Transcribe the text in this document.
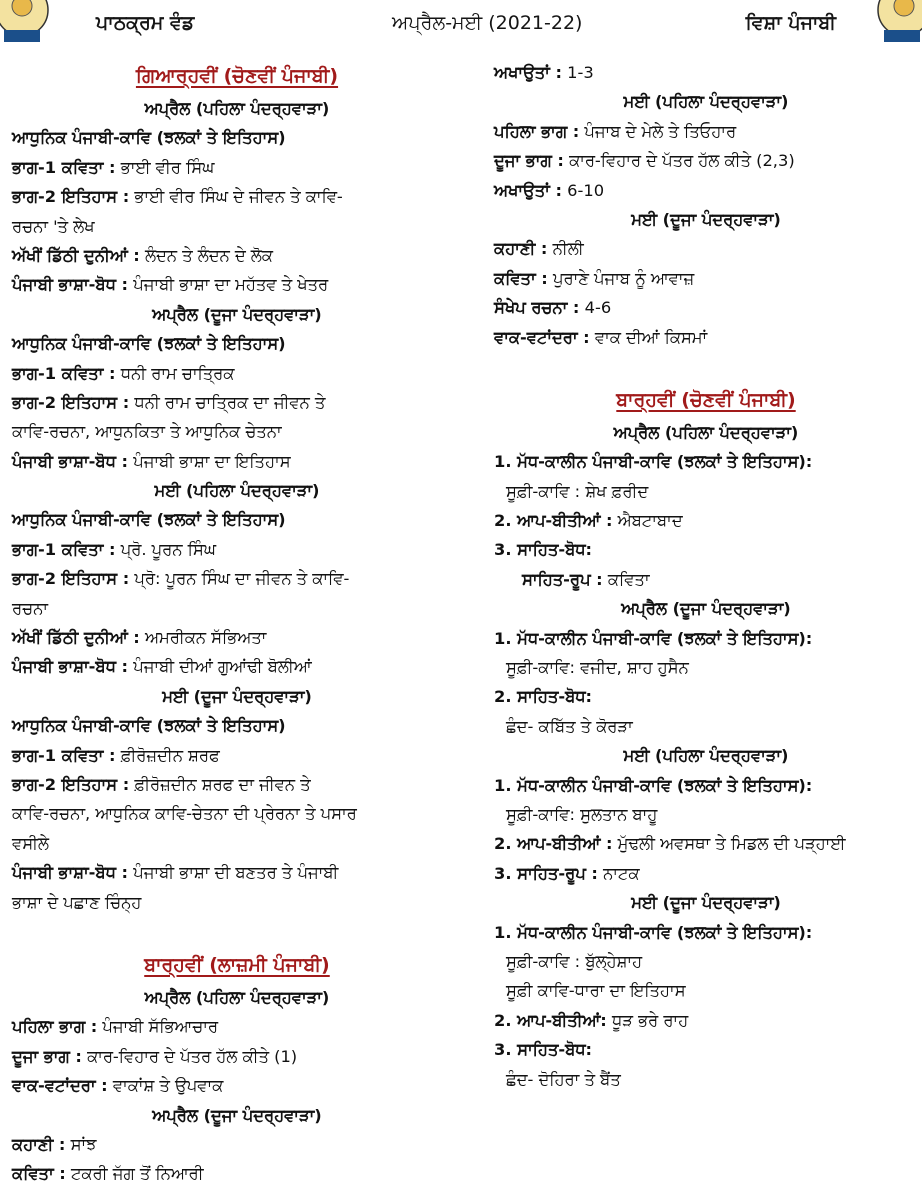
ਪਾਠਕ੍ਰਮ ਵੰਡ	ਅਪ੍ਰੈਲ-ਮਈ (2021-22)	ਵਿਸ਼ਾ ਪੰਜਾਬੀ
ਗਿਆਰ੍ਹਵੀਂ (ਚੋਣਵੀਂ ਪੰਜਾਬੀ)
ਅਪ੍ਰੈਲ (ਪਹਿਲਾ ਪੰਦਰ੍ਹਵਾੜਾ)
ਆਧੁਨਿਕ ਪੰਜਾਬੀ-ਕਾਵਿ (ਝਲਕਾਂ ਤੇ ਇਤਿਹਾਸ)
ਭਾਗ-1 ਕਵਿਤਾ : ਭਾਈ ਵੀਰ ਸਿੰਘ
ਭਾਗ-2 ਇਤਿਹਾਸ : ਭਾਈ ਵੀਰ ਸਿੰਘ ਦੇ ਜੀਵਨ ਤੇ ਕਾਵਿ-
ਰਚਨਾ 'ਤੇ ਲੇਖ
ਅੱਖੀਂ ਡਿੱਠੀ ਦੁਨੀਆਂ : ਲੰਦਨ ਤੇ ਲੰਦਨ ਦੇ ਲੋਕ
ਪੰਜਾਬੀ ਭਾਸ਼ਾ-ਬੋਧ : ਪੰਜਾਬੀ ਭਾਸ਼ਾ ਦਾ ਮਹੱਤਵ ਤੇ ਖੇਤਰ
ਅਪ੍ਰੈਲ (ਦੂਜਾ ਪੰਦਰ੍ਹਵਾੜਾ)
ਆਧੁਨਿਕ ਪੰਜਾਬੀ-ਕਾਵਿ (ਝਲਕਾਂ ਤੇ ਇਤਿਹਾਸ)
ਭਾਗ-1 ਕਵਿਤਾ : ਧਨੀ ਰਾਮ ਚਾਤ੍ਰਿਕ
ਭਾਗ-2 ਇਤਿਹਾਸ : ਧਨੀ ਰਾਮ ਚਾਤ੍ਰਿਕ ਦਾ ਜੀਵਨ ਤੇ
ਕਾਵਿ-ਰਚਨਾ, ਆਧੁਨਕਿਤਾ ਤੇ ਆਧੁਨਿਕ ਚੇਤਨਾ
ਪੰਜਾਬੀ ਭਾਸ਼ਾ-ਬੋਧ : ਪੰਜਾਬੀ ਭਾਸ਼ਾ ਦਾ ਇਤਿਹਾਸ
ਮਈ (ਪਹਿਲਾ ਪੰਦਰ੍ਹਵਾੜਾ)
ਆਧੁਨਿਕ ਪੰਜਾਬੀ-ਕਾਵਿ (ਝਲਕਾਂ ਤੇ ਇਤਿਹਾਸ)
ਭਾਗ-1 ਕਵਿਤਾ : ਪ੍ਰੋ. ਪੂਰਨ ਸਿੰਘ
ਭਾਗ-2 ਇਤਿਹਾਸ : ਪ੍ਰੋ: ਪੂਰਨ ਸਿੰਘ ਦਾ ਜੀਵਨ ਤੇ ਕਾਵਿ-
ਰਚਨਾ
ਅੱਖੀਂ ਡਿੱਠੀ ਦੁਨੀਆਂ : ਅਮਰੀਕਨ ਸੱਭਿਅਤਾ
ਪੰਜਾਬੀ ਭਾਸ਼ਾ-ਬੋਧ : ਪੰਜਾਬੀ ਦੀਆਂ ਗੁਆਂਢੀ ਬੋਲੀਆਂ
ਮਈ (ਦੂਜਾ ਪੰਦਰ੍ਹਵਾੜਾ)
ਆਧੁਨਿਕ ਪੰਜਾਬੀ-ਕਾਵਿ (ਝਲਕਾਂ ਤੇ ਇਤਿਹਾਸ)
ਭਾਗ-1 ਕਵਿਤਾ : ਫ਼ੀਰੋਜ਼ਦੀਨ ਸ਼ਰਫ
ਭਾਗ-2 ਇਤਿਹਾਸ : ਫ਼ੀਰੋਜ਼ਦੀਨ ਸ਼ਰਫ ਦਾ ਜੀਵਨ ਤੇ
ਕਾਵਿ-ਰਚਨਾ, ਆਧੁਨਿਕ ਕਾਵਿ-ਚੇਤਨਾ ਦੀ ਪ੍ਰੇਰਨਾ ਤੇ ਪਸਾਰ
ਵਸੀਲੇ
ਪੰਜਾਬੀ ਭਾਸ਼ਾ-ਬੋਧ : ਪੰਜਾਬੀ ਭਾਸ਼ਾ ਦੀ ਬਣਤਰ ਤੇ ਪੰਜਾਬੀ
ਭਾਸ਼ਾ ਦੇ ਪਛਾਣ ਚਿੰਨ੍ਹ
ਬਾਰ੍ਹਵੀਂ (ਲਾਜ਼ਮੀ ਪੰਜਾਬੀ)
ਅਪ੍ਰੈਲ (ਪਹਿਲਾ ਪੰਦਰ੍ਹਵਾੜਾ)
ਪਹਿਲਾ ਭਾਗ : ਪੰਜਾਬੀ ਸੱਭਿਆਚਾਰ
ਦੂਜਾ ਭਾਗ : ਕਾਰ-ਵਿਹਾਰ ਦੇ ਪੱਤਰ ਹੱਲ ਕੀਤੇ (1)
ਵਾਕ-ਵਟਾਂਦਰਾ : ਵਾਕਾਂਸ਼ ਤੇ ਉਪਵਾਕ
ਅਪ੍ਰੈਲ (ਦੂਜਾ ਪੰਦਰ੍ਹਵਾੜਾ)
ਕਹਾਣੀ : ਸਾਂਝ
ਕਵਿਤਾ : ਟਕਰੀ ਜੱਗ ਤੋਂ ਨਿਆਰੀ
ਅਖਾਉਤਾਂ : 1-3
ਮਈ (ਪਹਿਲਾ ਪੰਦਰ੍ਹਵਾੜਾ)
ਪਹਿਲਾ ਭਾਗ : ਪੰਜਾਬ ਦੇ ਮੇਲੇ ਤੇ ਤਿਓਹਾਰ
ਦੂਜਾ ਭਾਗ : ਕਾਰ-ਵਿਹਾਰ ਦੇ ਪੱਤਰ ਹੱਲ ਕੀਤੇ (2,3)
ਅਖਾਉਤਾਂ : 6-10
ਮਈ (ਦੂਜਾ ਪੰਦਰ੍ਹਵਾੜਾ)
ਕਹਾਣੀ : ਨੀਲੀ
ਕਵਿਤਾ : ਪੁਰਾਣੇ ਪੰਜਾਬ ਨੂੰ ਆਵਾਜ਼
ਸੰਖੇਪ ਰਚਨਾ : 4-6
ਵਾਕ-ਵਟਾਂਦਰਾ : ਵਾਕ ਦੀਆਂ ਕਿਸਮਾਂ
ਬਾਰ੍ਹਵੀਂ (ਚੋਣਵੀਂ ਪੰਜਾਬੀ)
ਅਪ੍ਰੈਲ (ਪਹਿਲਾ ਪੰਦਰ੍ਹਵਾੜਾ)
1. ਮੱਧ-ਕਾਲੀਨ ਪੰਜਾਬੀ-ਕਾਵਿ (ਝਲਕਾਂ ਤੇ ਇਤਿਹਾਸ):
ਸੂਫ਼ੀ-ਕਾਵਿ : ਸ਼ੇਖ ਫ਼ਰੀਦ
2. ਆਪ-ਬੀਤੀਆਂ : ਐਬਟਾਬਾਦ
3. ਸਾਹਿਤ-ਬੋਧ:
ਸਾਹਿਤ-ਰੂਪ : ਕਵਿਤਾ
ਅਪ੍ਰੈਲ (ਦੂਜਾ ਪੰਦਰ੍ਹਵਾੜਾ)
1. ਮੱਧ-ਕਾਲੀਨ ਪੰਜਾਬੀ-ਕਾਵਿ (ਝਲਕਾਂ ਤੇ ਇਤਿਹਾਸ):
ਸੂਫ਼ੀ-ਕਾਵਿ: ਵਜੀਦ, ਸ਼ਾਹ ਹੁਸੈਨ
2. ਸਾਹਿਤ-ਬੋਧ:
ਛੰਦ- ਕਬਿੱਤ ਤੇ ਕੋਰੜਾ
ਮਈ (ਪਹਿਲਾ ਪੰਦਰ੍ਹਵਾੜਾ)
1. ਮੱਧ-ਕਾਲੀਨ ਪੰਜਾਬੀ-ਕਾਵਿ (ਝਲਕਾਂ ਤੇ ਇਤਿਹਾਸ):
ਸੂਫ਼ੀ-ਕਾਵਿ: ਸੁਲਤਾਨ ਬਾਹੂ
2. ਆਪ-ਬੀਤੀਆਂ : ਮੁੱਢਲੀ ਅਵਸਥਾ ਤੇ ਮਿਡਲ ਦੀ ਪੜ੍ਹਾਈ
3. ਸਾਹਿਤ-ਰੂਪ : ਨਾਟਕ
ਮਈ (ਦੂਜਾ ਪੰਦਰ੍ਹਵਾੜਾ)
1. ਮੱਧ-ਕਾਲੀਨ ਪੰਜਾਬੀ-ਕਾਵਿ (ਝਲਕਾਂ ਤੇ ਇਤਿਹਾਸ):
ਸੂਫ਼ੀ-ਕਾਵਿ : ਬੁੱਲ੍ਹੇਸ਼ਾਹ
ਸੂਫ਼ੀ ਕਾਵਿ-ਧਾਰਾ ਦਾ ਇਤਿਹਾਸ
2. ਆਪ-ਬੀਤੀਆਂ: ਧੂੜ ਭਰੇ ਰਾਹ
3. ਸਾਹਿਤ-ਬੋਧ:
ਛੰਦ- ਦੋਹਿਰਾ ਤੇ ਬੈਂਤ
